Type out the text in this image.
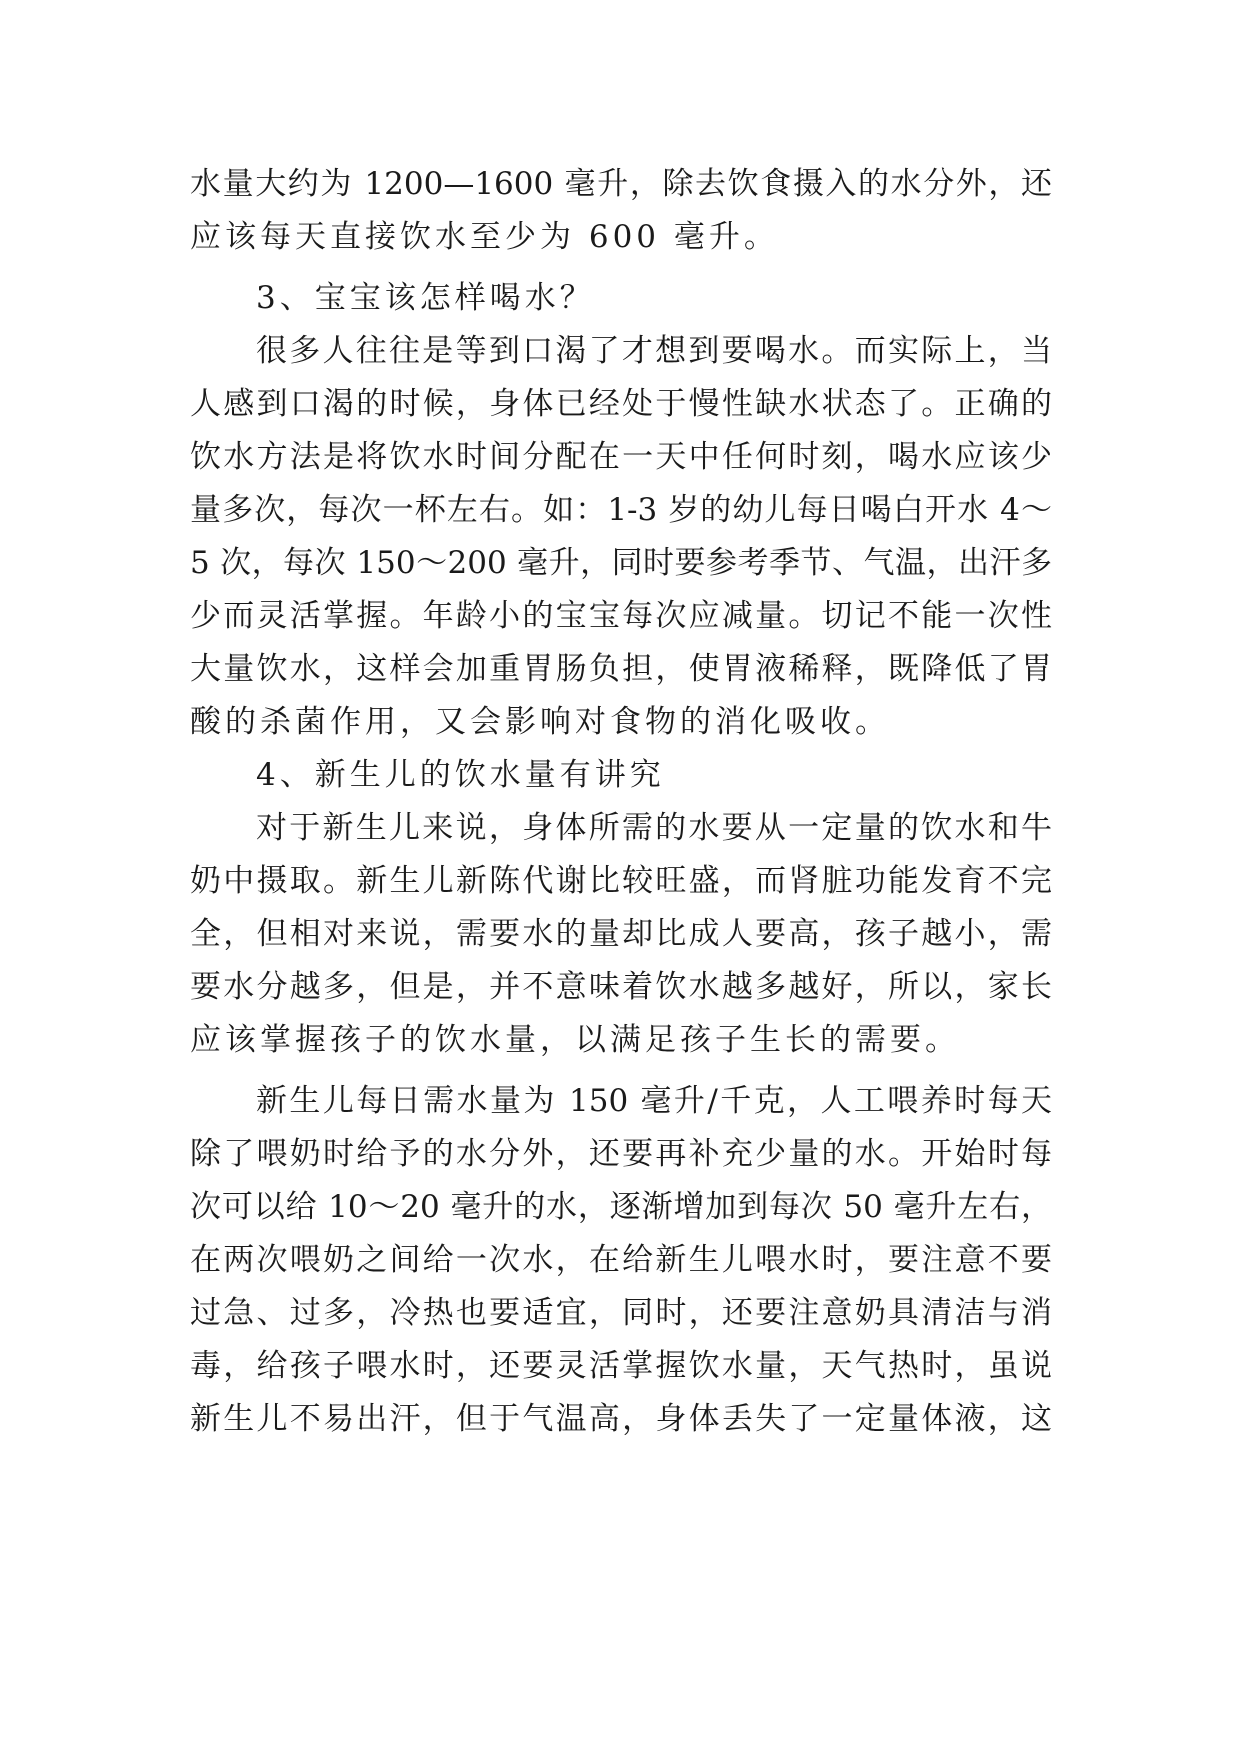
水量大约为 1200—1600 毫升，除去饮食摄入的水分外，还
应该每天直接饮水至少为 600 毫升。
3、宝宝该怎样喝水？
很多人往往是等到口渴了才想到要喝水。而实际上，当
人感到口渴的时候，身体已经处于慢性缺水状态了。正确的
饮水方法是将饮水时间分配在一天中任何时刻，喝水应该少
量多次，每次一杯左右。如：1-3 岁的幼儿每日喝白开水 4～
5 次，每次 150～200 毫升，同时要参考季节、气温，出汗多
少而灵活掌握。年龄小的宝宝每次应减量。切记不能一次性
大量饮水，这样会加重胃肠负担，使胃液稀释，既降低了胃
酸的杀菌作用，又会影响对食物的消化吸收。
4、新生儿的饮水量有讲究
对于新生儿来说，身体所需的水要从一定量的饮水和牛
奶中摄取。新生儿新陈代谢比较旺盛，而肾脏功能发育不完
全，但相对来说，需要水的量却比成人要高，孩子越小，需
要水分越多，但是，并不意味着饮水越多越好，所以，家长
应该掌握孩子的饮水量，以满足孩子生长的需要。
新生儿每日需水量为 150 毫升/千克，人工喂养时每天
除了喂奶时给予的水分外，还要再补充少量的水。开始时每
次可以给 10～20 毫升的水，逐渐增加到每次 50 毫升左右，
在两次喂奶之间给一次水，在给新生儿喂水时，要注意不要
过急、过多，冷热也要适宜，同时，还要注意奶具清洁与消
毒，给孩子喂水时，还要灵活掌握饮水量，天气热时，虽说
新生儿不易出汗，但于气温高，身体丢失了一定量体液，这
